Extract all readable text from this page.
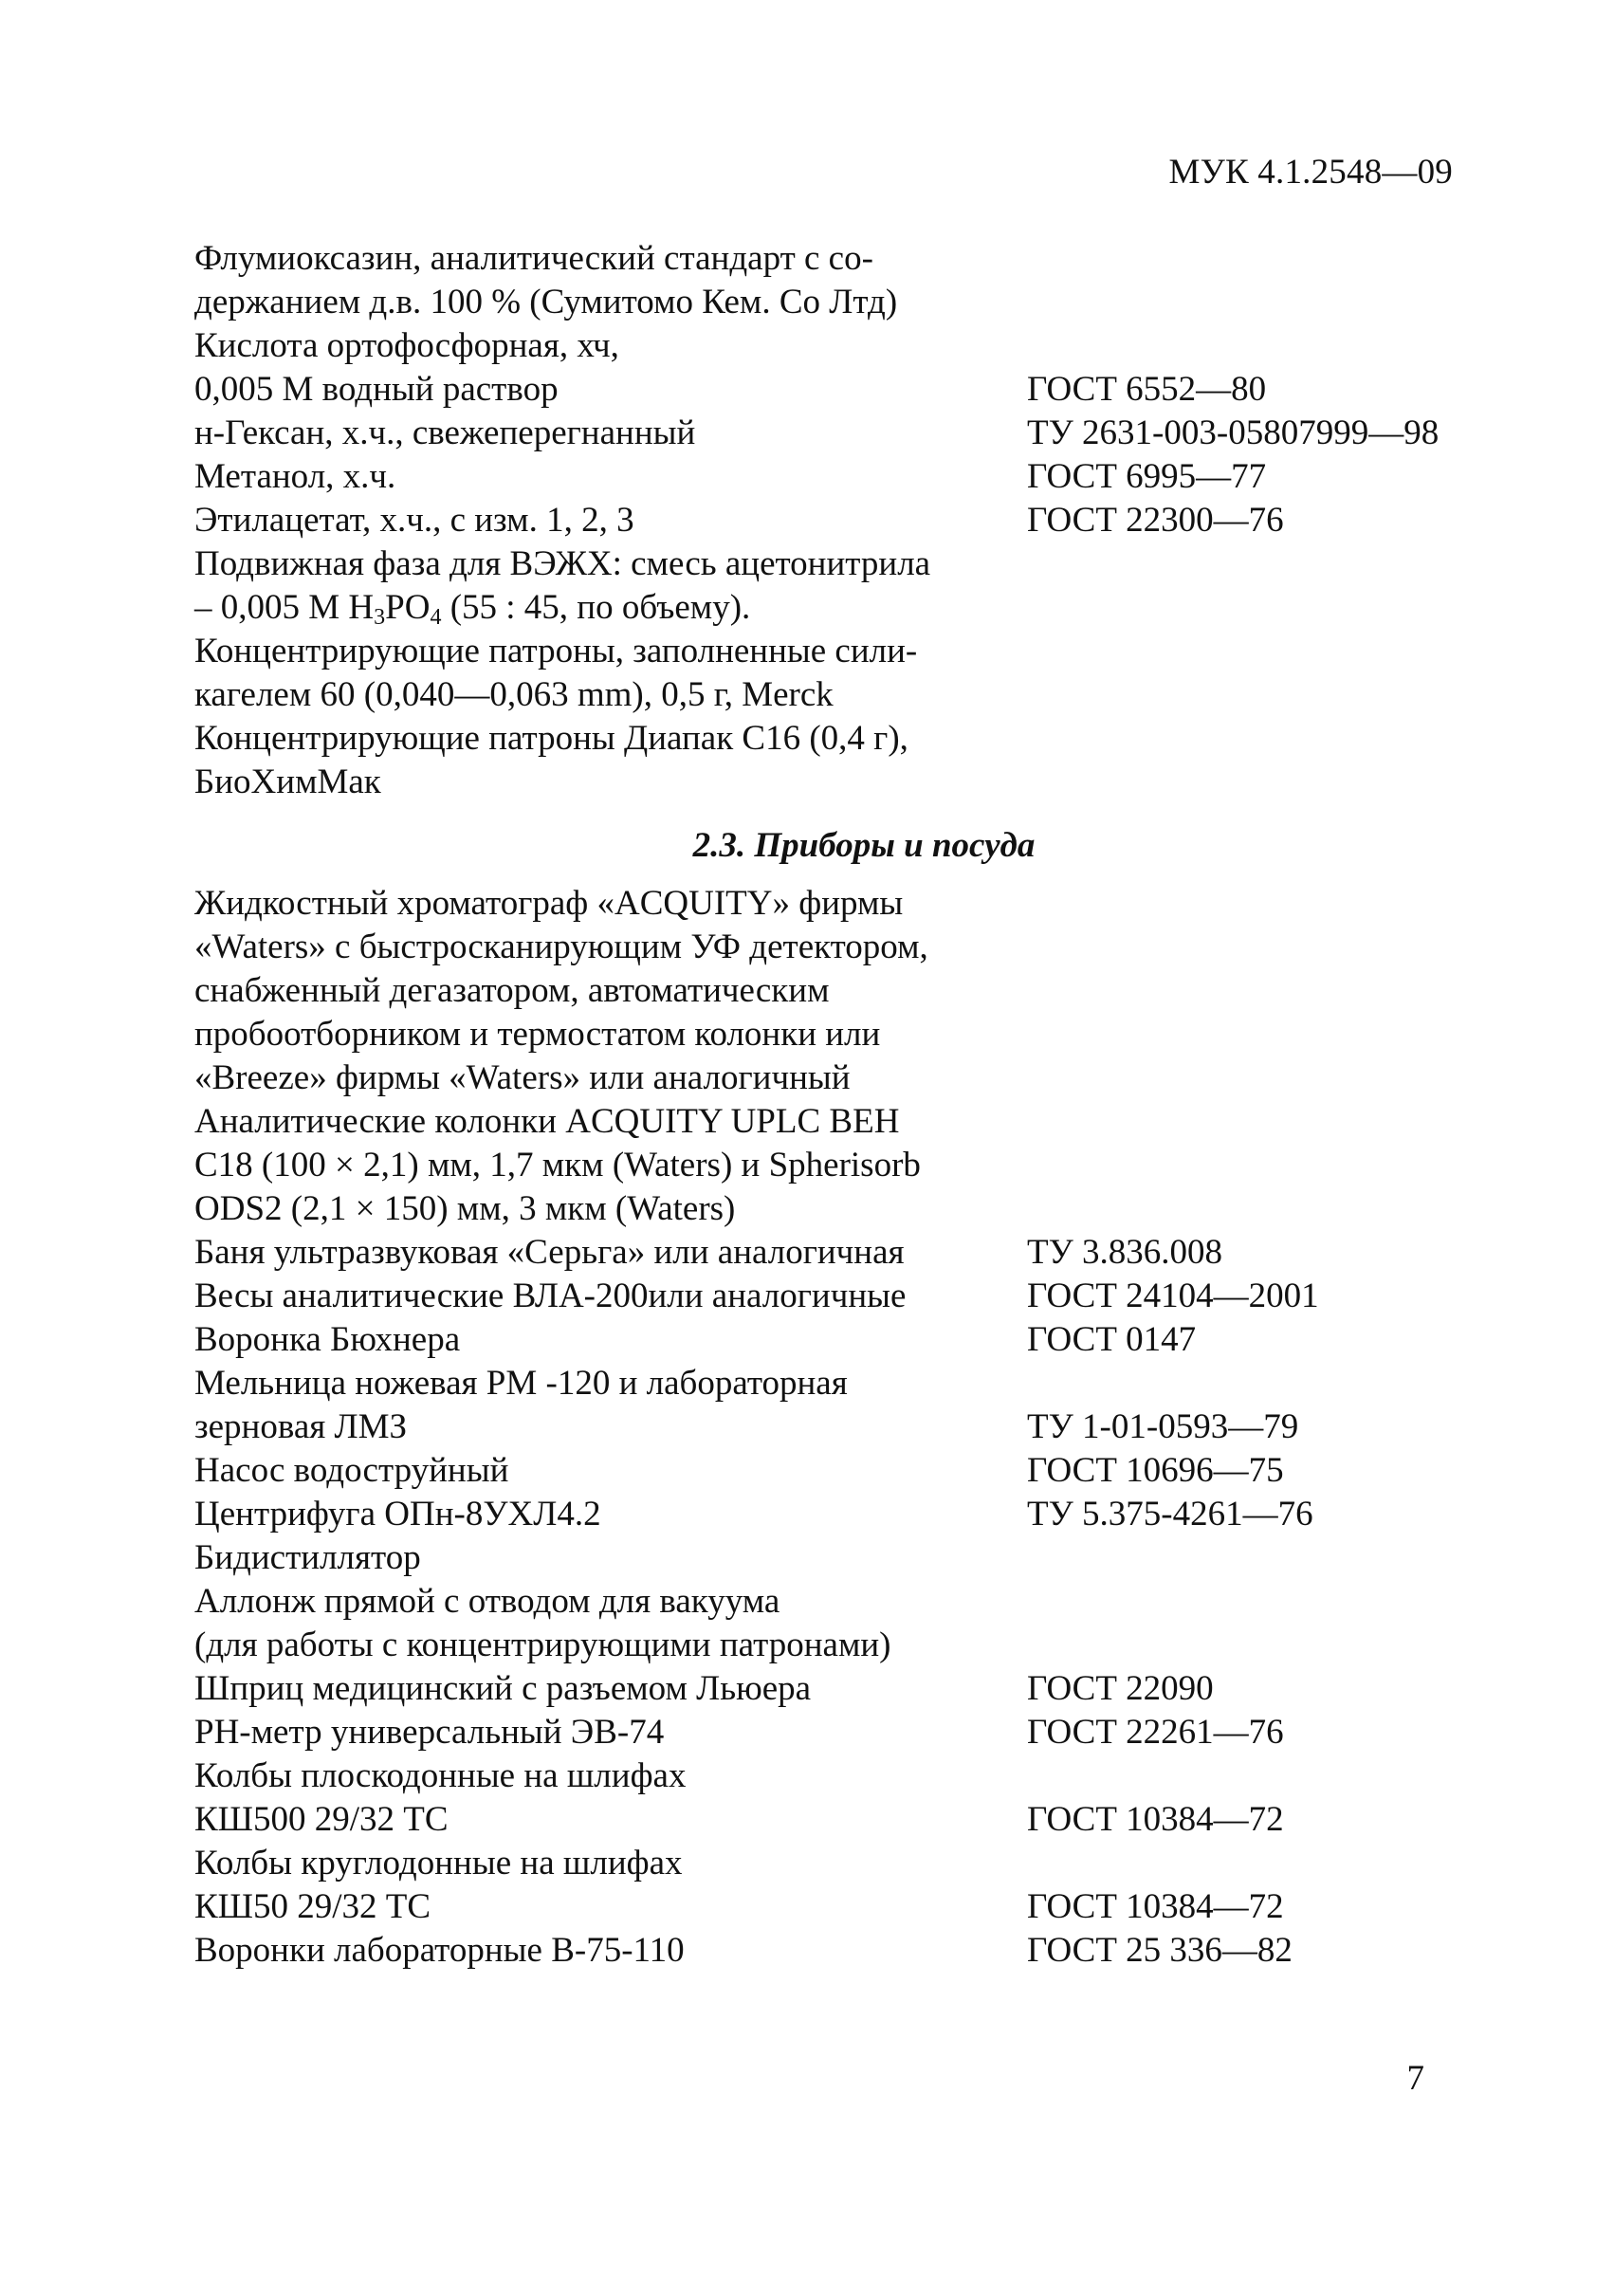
МУК 4.1.2548—09
Флумиоксазин, аналитический стандарт с со-
держанием д.в. 100 % (Сумитомо Кем. Со Лтд)
Кислота ортофосфорная, хч,
0,005 М водный раствор	ГОСТ 6552—80
н-Гексан, х.ч., свежеперегнанный	ТУ 2631-003-05807999—98
Метанол, х.ч.	ГОСТ 6995—77
Этилацетат, х.ч., с изм. 1, 2, 3	ГОСТ 22300—76
Подвижная фаза для ВЭЖХ: смесь ацетонитрила
– 0,005 М $H_3PO_4$ (55 : 45, по объему).
Концентрирующие патроны, заполненные сили-
кагелем 60 (0,040—0,063 mm), 0,5 г, Merck
Концентрирующие патроны Диапак С16 (0,4 г),
БиоХимМак
2.3. Приборы и посуда
Жидкостный хроматограф «ACQUITY» фирмы
«Waters» с быстросканирующим УФ детектором,
снабженный дегазатором, автоматическим
пробоотборником и термостатом колонки или
«Breeze» фирмы «Waters» или аналогичный
Аналитические колонки ACQUITY UPLC BEH
C18 (100 × 2,1) мм, 1,7 мкм (Waters) и Spherisorb
ODS2 (2,1 × 150) мм, 3 мкм (Waters)
Баня ультразвуковая «Серьга» или аналогичная	ТУ 3.836.008
Весы аналитические ВЛА-200или аналогичные	ГОСТ 24104—2001
Воронка Бюхнера	ГОСТ 0147
Мельница ножевая РМ -120 и лабораторная
зерновая ЛМЗ	ТУ 1-01-0593—79
Насос водоструйный	ГОСТ 10696—75
Центрифуга ОПн-8УХЛ4.2	ТУ 5.375-4261—76
Бидистиллятор
Аллонж прямой с отводом для вакуума
(для работы с концентрирующими патронами)
Шприц медицинский с разъемом Льюера	ГОСТ 22090
PH-метр универсальный ЭВ-74	ГОСТ 22261—76
Колбы плоскодонные на шлифах
КШ500 29/32 ТС	ГОСТ 10384—72
Колбы круглодонные на шлифах
КШ50 29/32 ТС	ГОСТ 10384—72
Воронки лабораторные В-75-110	ГОСТ 25 336—82
7
